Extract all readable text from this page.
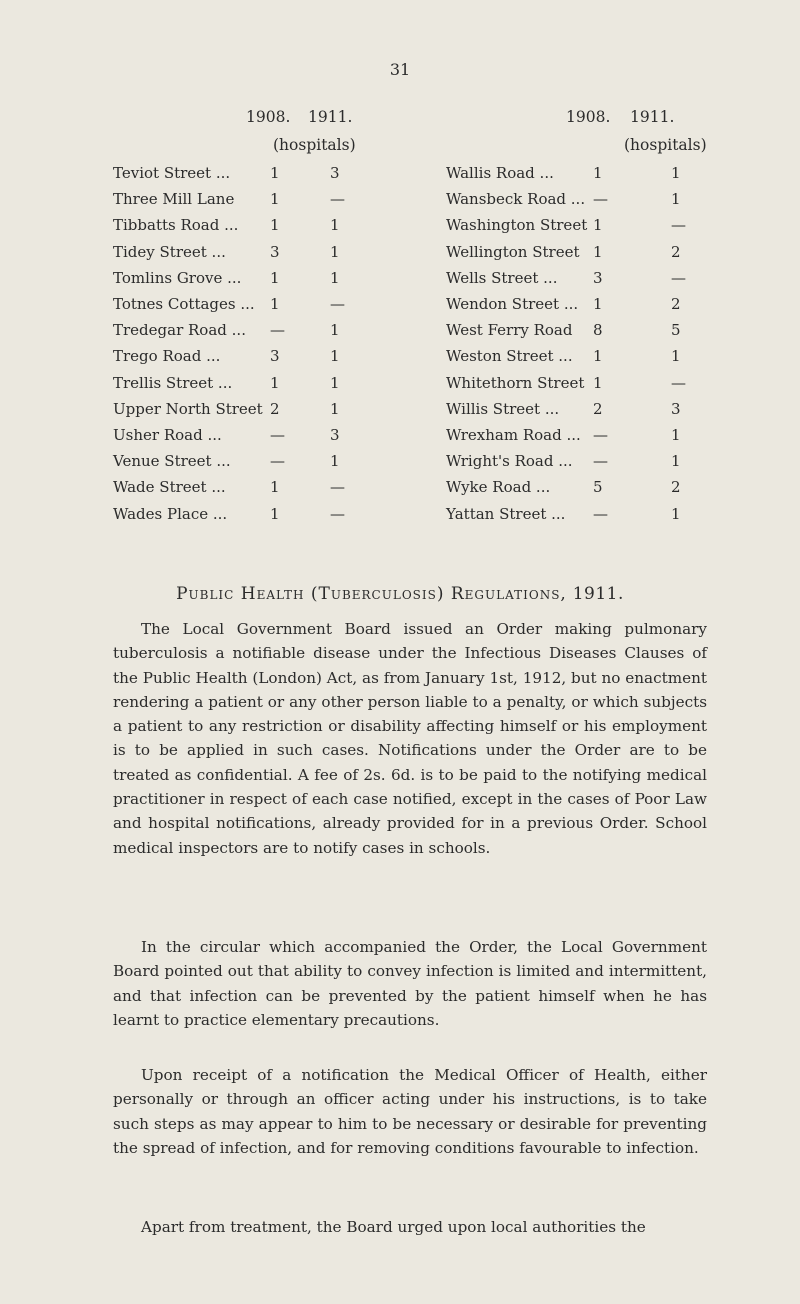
31
1908. 1911.
(hospitals)
1908. 1911.
(hospitals)
Teviot Street ...	1	3
Three Mill Lane 1	—
Tibbatts Road ... 1	1
Tidey Street ...	3	1
Tomlins Grove ... 1	1
Totnes Cottages ... 1	—
Tredegar Road ... —	1
Trego Road ...	3	1
Trellis Street ...	1	1
Upper North Street 2	1
Usher Road ...	—	3
Venue Street ...	—	1
Wade Street ...	1	—
Wades Place ...	1	—
Wallis Road ...	1	1
Wansbeck Road ... —	1
Washington Street 1	—
Wellington Street 1	2
Wells Street ... 3	—
Wendon Street ... 1	2
West Ferry Road 8	5
Weston Street ... 1	1
Whitethorn Street 1	—
Willis Street ... 2	3
Wrexham Road ... —	1
Wright's Road ... —	1
Wyke Road ...	5	2
Yattan Street ... —	1
Public Health (Tuberculosis) Regulations, 1911.
The Local Government Board issued an Order making pulmonary tuberculosis a notifiable disease under the Infectious Diseases Clauses of the Public Health (London) Act, as from January 1st, 1912, but no enactment rendering a patient or any other person liable to a penalty, or which subjects a patient to any restriction or disability affecting himself or his employment is to be applied in such cases. Notifications under the Order are to be treated as confidential. A fee of 2s. 6d. is to be paid to the notifying medical practitioner in respect of each case notified, except in the cases of Poor Law and hospital notifications, already provided for in a previous Order. School medical inspectors are to notify cases in schools.
In the circular which accompanied the Order, the Local Government Board pointed out that ability to convey infection is limited and intermittent, and that infection can be prevented by the patient himself when he has learnt to practice elementary precautions.
Upon receipt of a notification the Medical Officer of Health, either personally or through an officer acting under his instructions, is to take such steps as may appear to him to be necessary or desirable for preventing the spread of infection, and for removing conditions favourable to infection.
Apart from treatment, the Board urged upon local authorities the
